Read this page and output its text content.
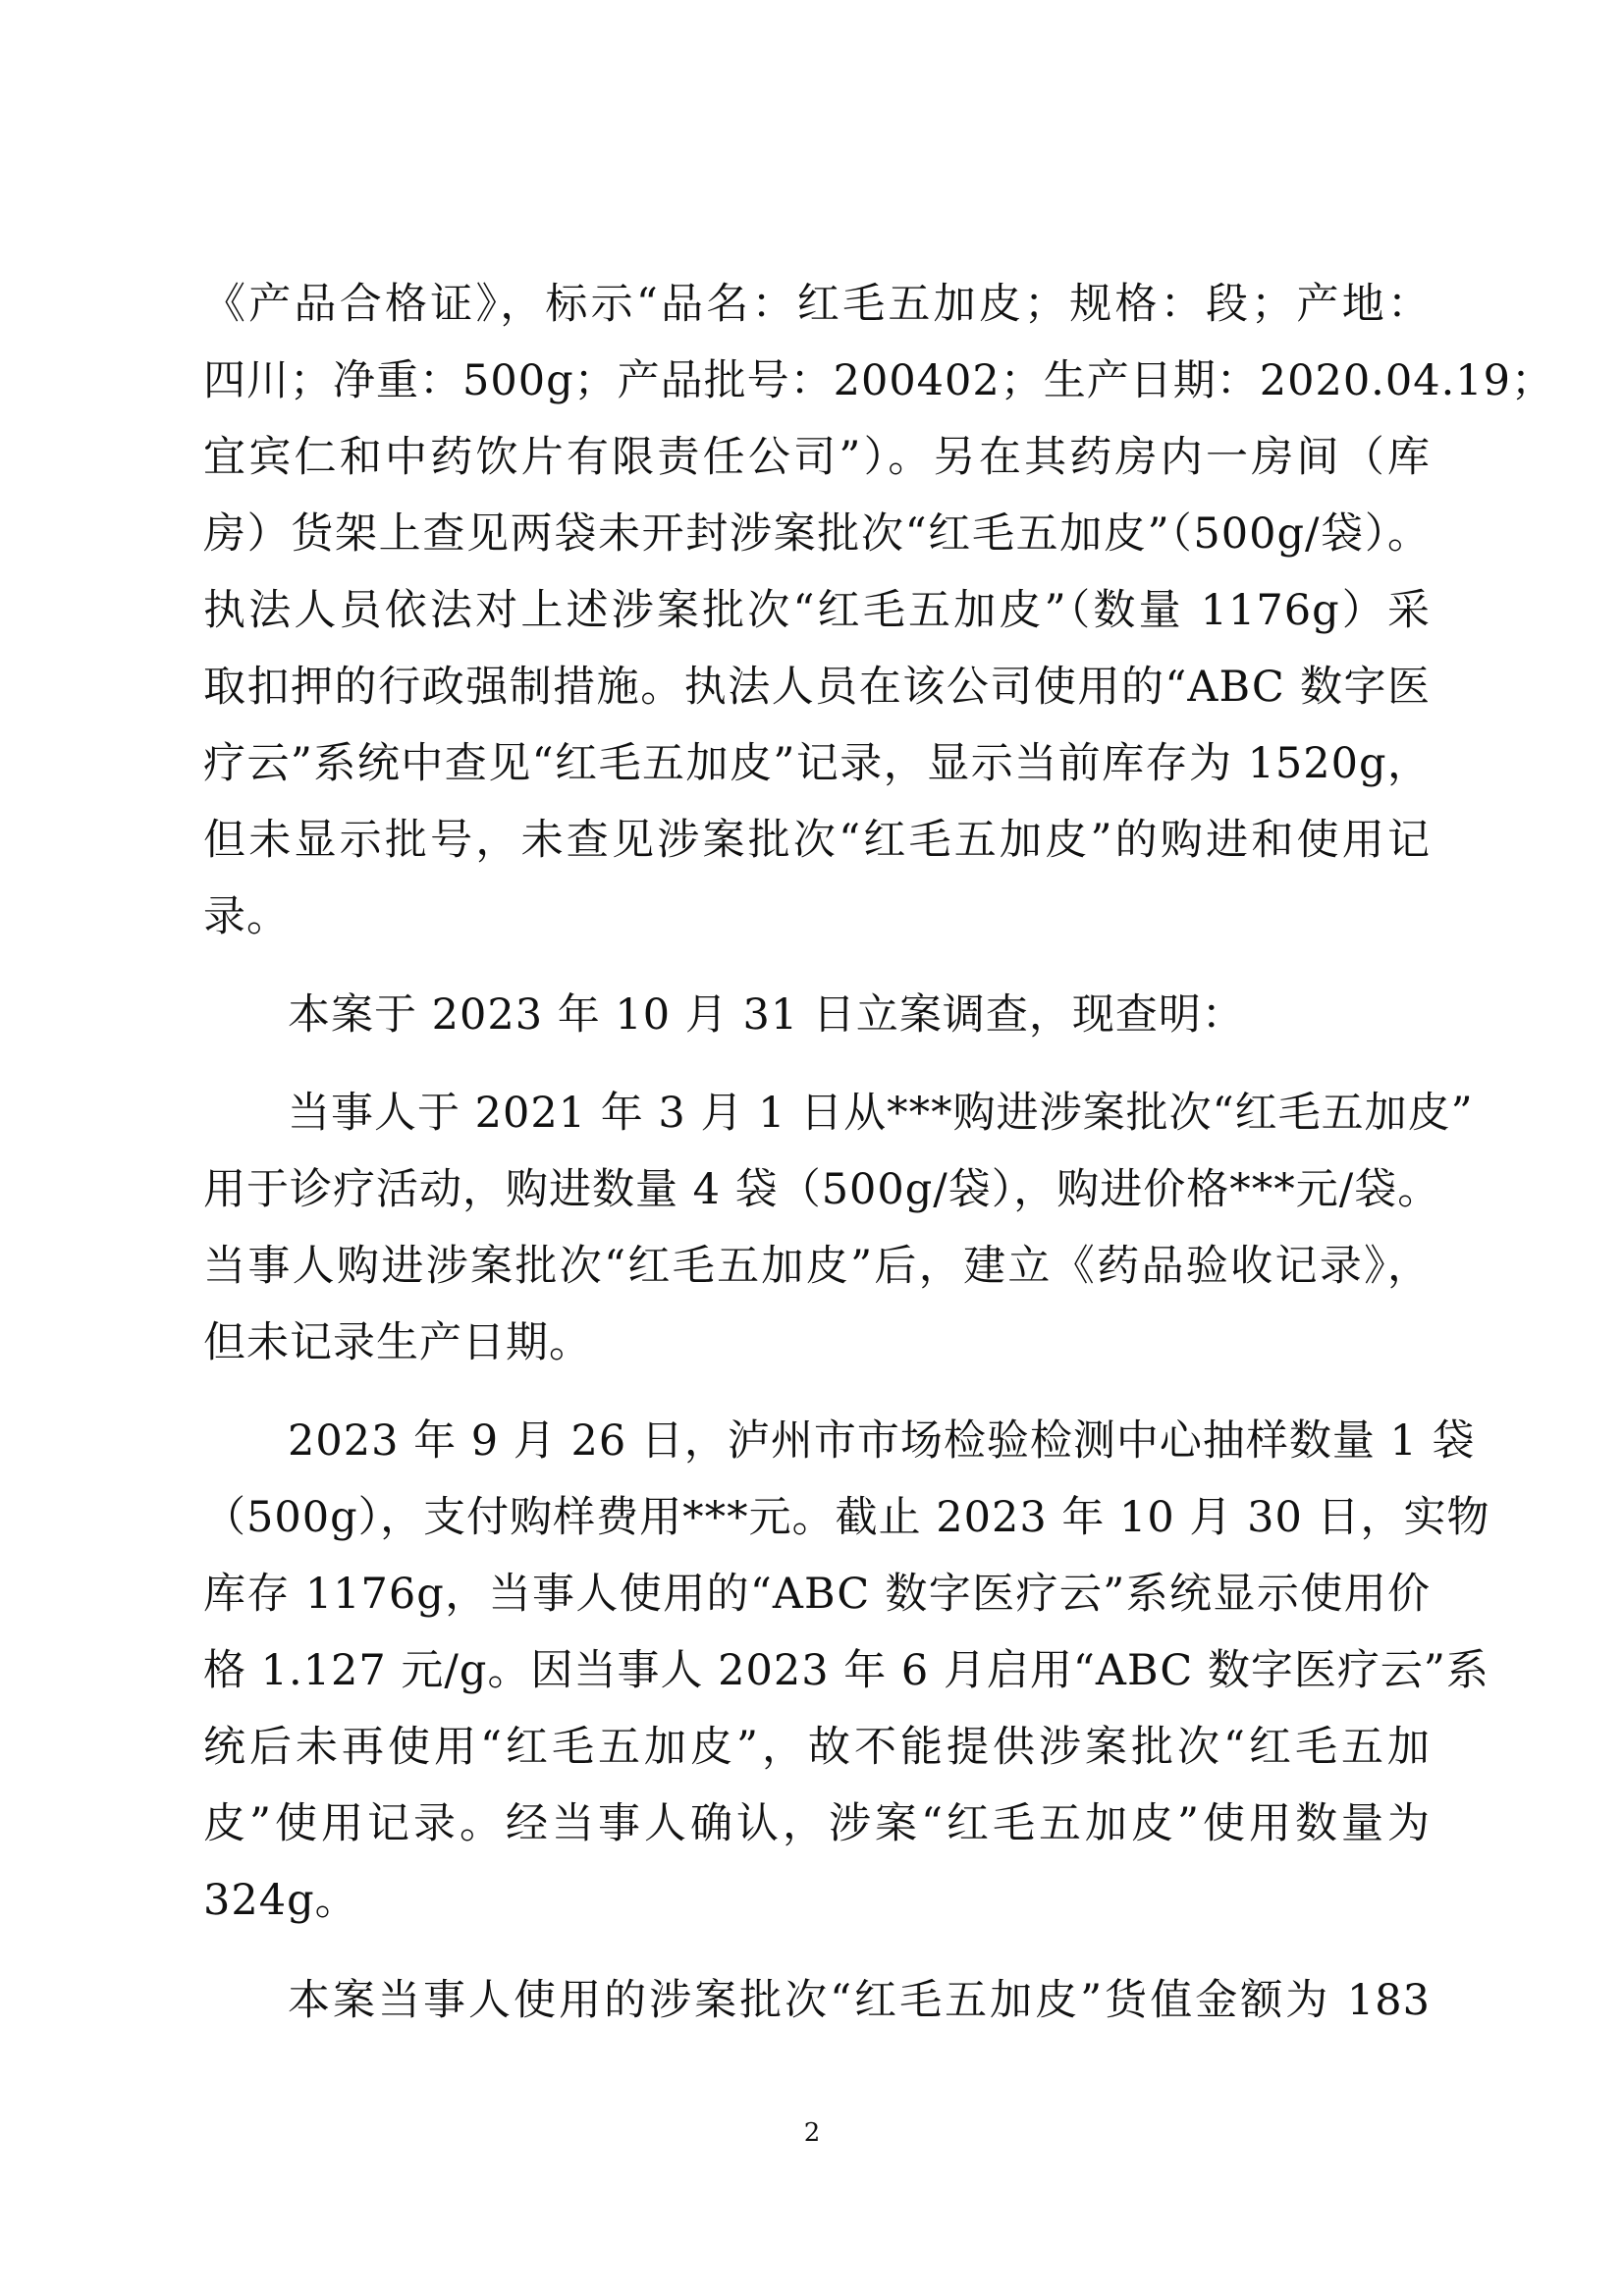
《产品合格证》，标示“品名：红毛五加皮；规格：段；产地：
四川；净重：500g；产品批号：200402；生产日期：2020.04.19；
宜宾仁和中药饮片有限责任公司”）。另在其药房内一房间（库
房）货架上查见两袋未开封涉案批次“红毛五加皮”（500g/袋）。
执法人员依法对上述涉案批次“红毛五加皮”（数量 1176g）采
取扣押的行政强制措施。执法人员在该公司使用的“ABC 数字医
疗云”系统中查见“红毛五加皮”记录，显示当前库存为 1520g，
但未显示批号，未查见涉案批次“红毛五加皮”的购进和使用记
录。
本案于 2023 年 10 月 31 日立案调查，现查明：
当事人于 2021 年 3 月 1 日从***购进涉案批次“红毛五加皮”
用于诊疗活动，购进数量 4 袋（500g/袋），购进价格***元/袋。
当事人购进涉案批次“红毛五加皮”后，建立《药品验收记录》，
但未记录生产日期。
2023 年 9 月 26 日，泸州市市场检验检测中心抽样数量 1 袋
（500g），支付购样费用***元。截止 2023 年 10 月 30 日，实物
库存 1176g，当事人使用的“ABC 数字医疗云”系统显示使用价
格 1.127 元/g。因当事人 2023 年 6 月启用“ABC 数字医疗云”系
统后未再使用“红毛五加皮”，故不能提供涉案批次“红毛五加
皮”使用记录。经当事人确认，涉案“红毛五加皮”使用数量为
324g。
本案当事人使用的涉案批次“红毛五加皮”货值金额为 183
2
